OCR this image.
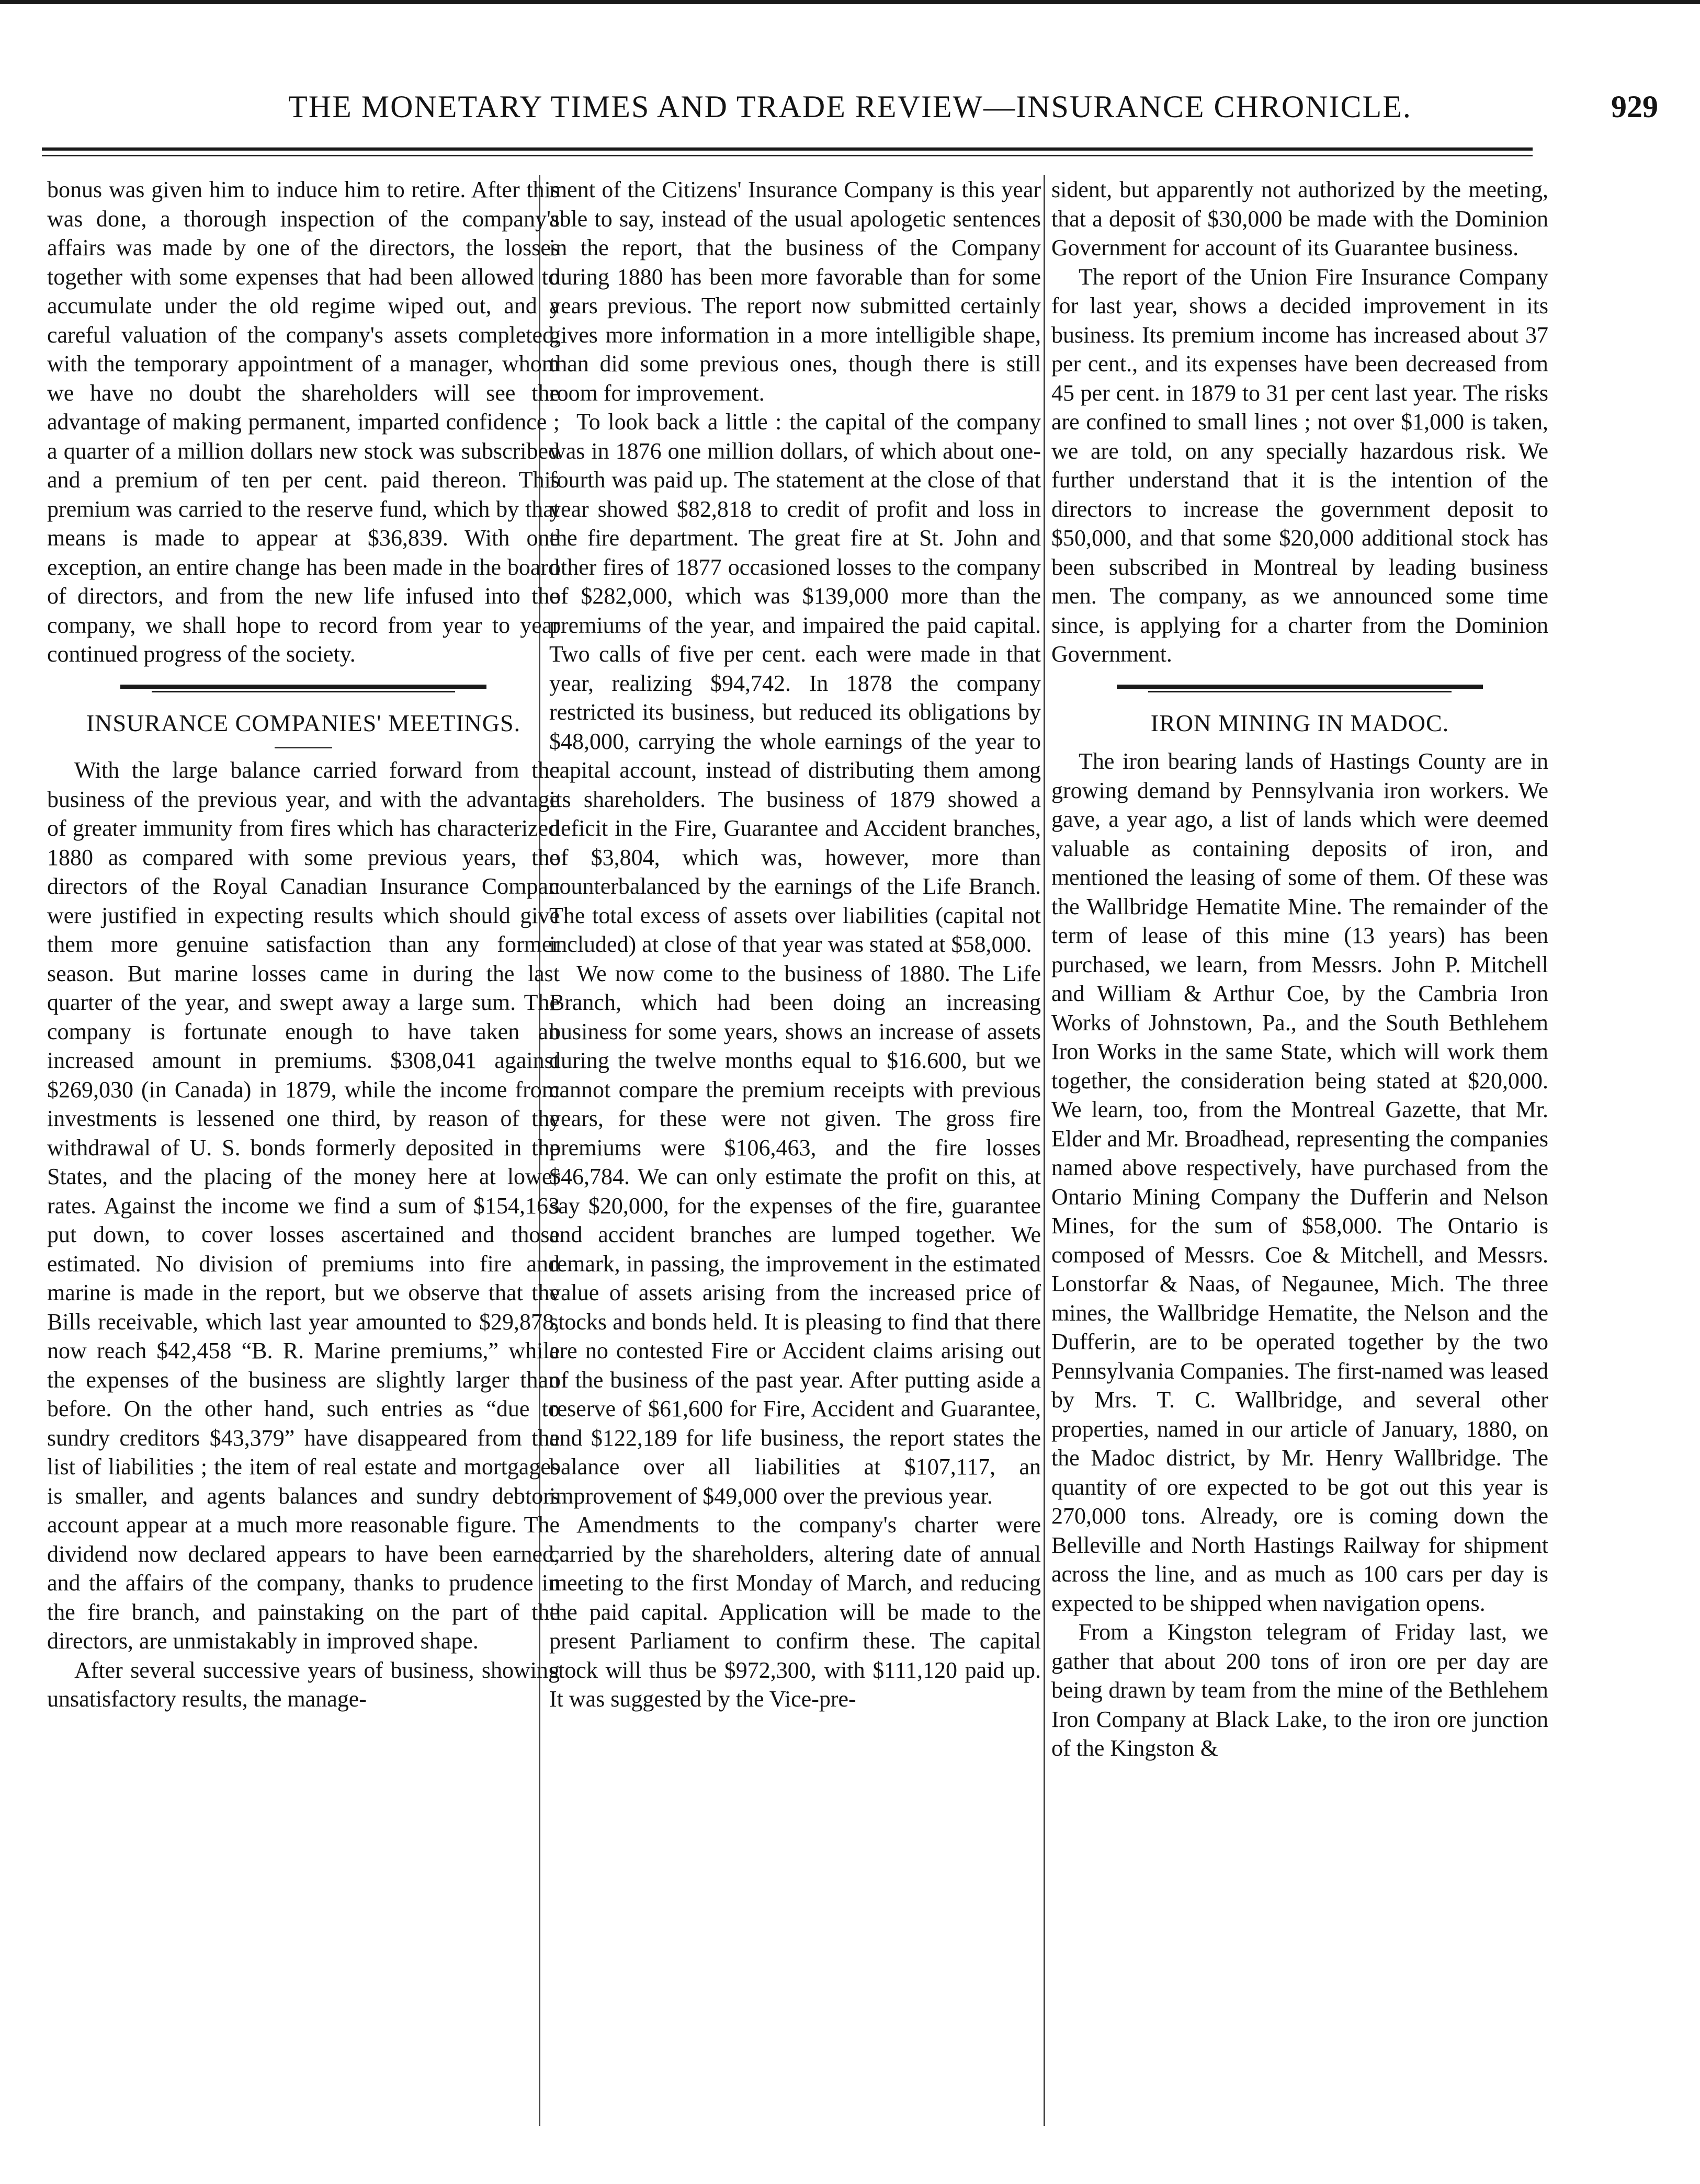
THE MONETARY TIMES AND TRADE REVIEW—INSURANCE CHRONICLE.	929

bonus was given him to induce him to retire. After this was done, a thorough inspection of the company's affairs was made by one of the directors, the losses together with some expenses that had been allowed to accumulate under the old regime wiped out, and a careful valuation of the company's assets completed, with the temporary appointment of a manager, whom we have no doubt the shareholders will see the advantage of making permanent, imparted confidence ; a quarter of a million dollars new stock was subscribed and a premium of ten per cent. paid thereon. This premium was carried to the reserve fund, which by that means is made to appear at $36,839. With one exception, an entire change has been made in the board of directors, and from the new life infused into the company, we shall hope to record from year to year continued progress of the society.

INSURANCE COMPANIES' MEETINGS.

With the large balance carried forward from the business of the previous year, and with the advantage of greater immunity from fires which has characterized 1880 as compared with some previous years, the directors of the Royal Canadian Insurance Compan were justified in expecting results which should give them more genuine satisfaction than any former season. But marine losses came in during the last quarter of the year, and swept away a large sum. The company is fortunate enough to have taken an increased amount in premiums. $308,041 against $269,030 (in Canada) in 1879, while the income from investments is lessened one third, by reason of the withdrawal of U. S. bonds formerly deposited in the States, and the placing of the money here at lower rates. Against the income we find a sum of $154,163 put down, to cover losses ascertained and those estimated. No division of premiums into fire and marine is made in the report, but we observe that the Bills receivable, which last year amounted to $29,878, now reach $42,458 “B. R. Marine premiums,” while the expenses of the business are slightly larger than before. On the other hand, such entries as “due to sundry creditors $43,379” have disappeared from the list of liabilities ; the item of real estate and mortgages is smaller, and agents balances and sundry debtors account appear at a much more reasonable figure. The dividend now declared appears to have been earned, and the affairs of the company, thanks to prudence in the fire branch, and painstaking on the part of the directors, are unmistakably in improved shape.

After several successive years of business, showing unsatisfactory results, the manage-

ment of the Citizens' Insurance Company is this year able to say, instead of the usual apologetic sentences in the report, that the business of the Company during 1880 has been more favorable than for some years previous. The report now submitted certainly gives more information in a more intelligible shape, than did some previous ones, though there is still room for improvement.

To look back a little : the capital of the company was in 1876 one million dollars, of which about one-fourth was paid up. The statement at the close of that year showed $82,818 to credit of profit and loss in the fire department. The great fire at St. John and other fires of 1877 occasioned losses to the company of $282,000, which was $139,000 more than the premiums of the year, and impaired the paid capital. Two calls of five per cent. each were made in that year, realizing $94,742. In 1878 the company restricted its business, but reduced its obligations by $48,000, carrying the whole earnings of the year to capital account, instead of distributing them among its shareholders. The business of 1879 showed a deficit in the Fire, Guarantee and Accident branches, of $3,804, which was, however, more than counterbalanced by the earnings of the Life Branch. The total excess of assets over liabilities (capital not included) at close of that year was stated at $58,000.

We now come to the business of 1880. The Life Branch, which had been doing an increasing business for some years, shows an increase of assets during the twelve months equal to $16.600, but we cannot compare the premium receipts with previous years, for these were not given. The gross fire premiums were $106,463, and the fire losses $46,784. We can only estimate the profit on this, at say $20,000, for the expenses of the fire, guarantee and accident branches are lumped together. We remark, in passing, the improvement in the estimated value of assets arising from the increased price of stocks and bonds held. It is pleasing to find that there are no contested Fire or Accident claims arising out of the business of the past year. After putting aside a reserve of $61,600 for Fire, Accident and Guarantee, and $122,189 for life business, the report states the balance over all liabilities at $107,117, an improvement of $49,000 over the previous year.

Amendments to the company's charter were carried by the shareholders, altering date of annual meeting to the first Monday of March, and reducing the paid capital. Application will be made to the present Parliament to confirm these. The capital stock will thus be $972,300, with $111,120 paid up. It was suggested by the Vice-pre-

sident, but apparently not authorized by the meeting, that a deposit of $30,000 be made with the Dominion Government for account of its Guarantee business.

The report of the Union Fire Insurance Company for last year, shows a decided improvement in its business. Its premium income has increased about 37 per cent., and its expenses have been decreased from 45 per cent. in 1879 to 31 per cent last year. The risks are confined to small lines ; not over $1,000 is taken, we are told, on any specially hazardous risk. We further understand that it is the intention of the directors to increase the government deposit to $50,000, and that some $20,000 additional stock has been subscribed in Montreal by leading business men. The company, as we announced some time since, is applying for a charter from the Dominion Government.

IRON MINING IN MADOC.

The iron bearing lands of Hastings County are in growing demand by Pennsylvania iron workers. We gave, a year ago, a list of lands which were deemed valuable as containing deposits of iron, and mentioned the leasing of some of them. Of these was the Wallbridge Hematite Mine. The remainder of the term of lease of this mine (13 years) has been purchased, we learn, from Messrs. John P. Mitchell and William & Arthur Coe, by the Cambria Iron Works of Johnstown, Pa., and the South Bethlehem Iron Works in the same State, which will work them together, the consideration being stated at $20,000. We learn, too, from the Montreal Gazette, that Mr. Elder and Mr. Broadhead, representing the companies named above respectively, have purchased from the Ontario Mining Company the Dufferin and Nelson Mines, for the sum of $58,000. The Ontario is composed of Messrs. Coe & Mitchell, and Messrs. Lonstorfar & Naas, of Negaunee, Mich. The three mines, the Wallbridge Hematite, the Nelson and the Dufferin, are to be operated together by the two Pennsylvania Companies. The first-named was leased by Mrs. T. C. Wallbridge, and several other properties, named in our article of January, 1880, on the Madoc district, by Mr. Henry Wallbridge. The quantity of ore expected to be got out this year is 270,000 tons. Already, ore is coming down the Belleville and North Hastings Railway for shipment across the line, and as much as 100 cars per day is expected to be shipped when navigation opens.

From a Kingston telegram of Friday last, we gather that about 200 tons of iron ore per day are being drawn by team from the mine of the Bethlehem Iron Company at Black Lake, to the iron ore junction of the Kingston &
